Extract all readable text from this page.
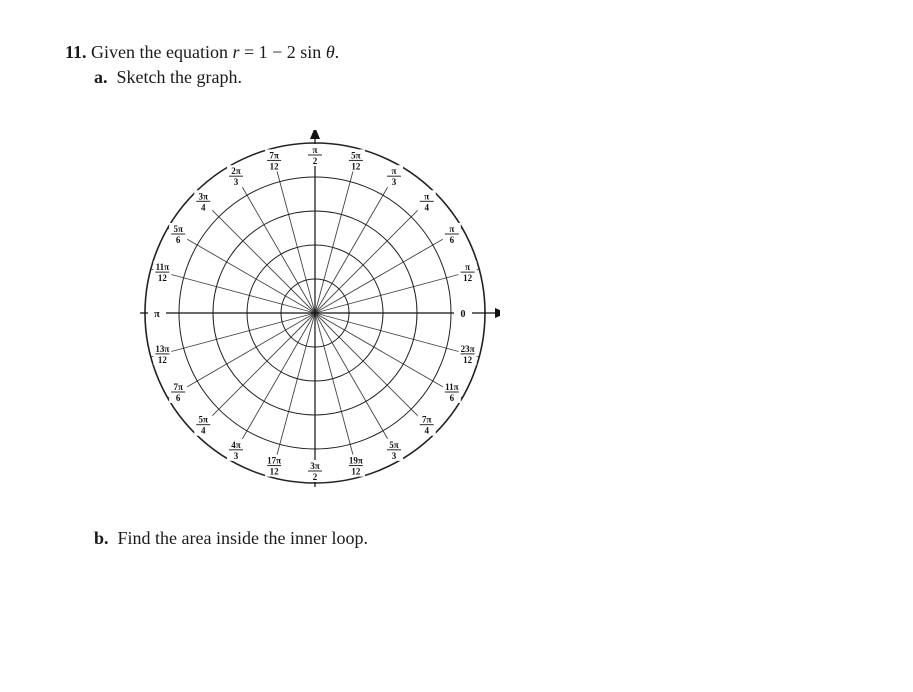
11. Given the equation r = 1 − 2 sin θ.
a. Sketch the graph.
0
π
12
π
6
π
4
π
3
5π
12
π
2
7π
12
2π
3
3π
4
5π
6
11π
12
π
13π
12
7π
6
5π
4
4π
3	17π
12
3π
2
19π
12
5π
3
7π
4
11π
6
23π
12
b. Find the area inside the inner loop.
